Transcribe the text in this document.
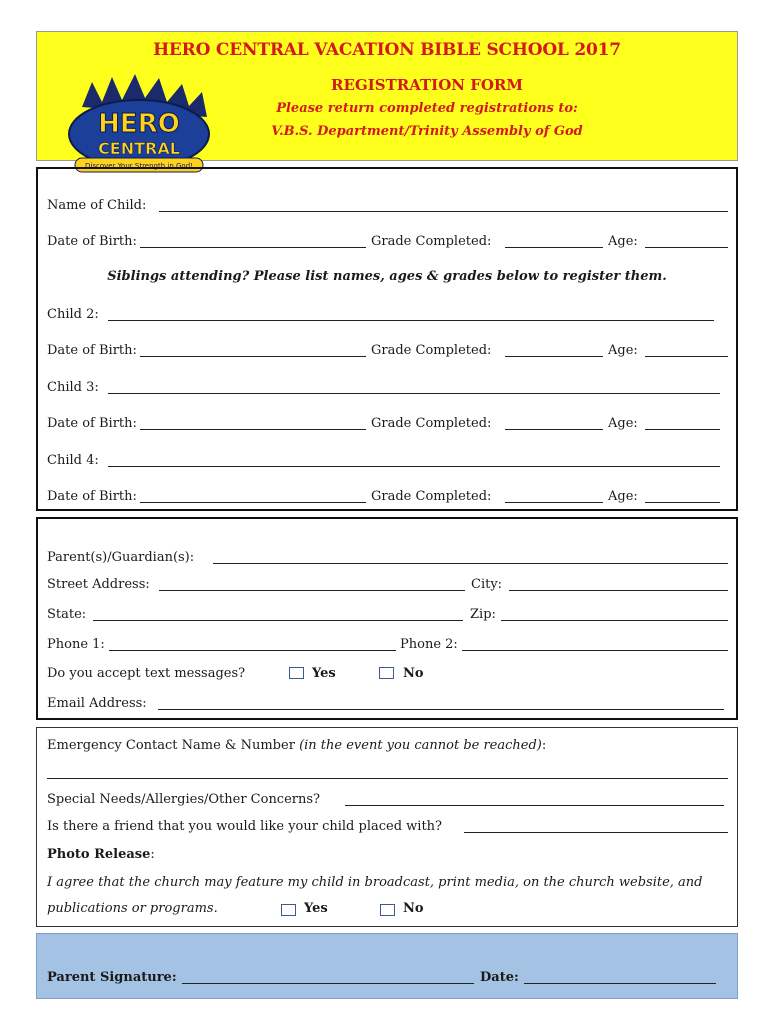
HERO
CENTRAL
Discover Your Strength in God!
HERO CENTRAL VACATION BIBLE SCHOOL 2017
REGISTRATION FORM
Please return completed registrations to:
V.B.S. Department/Trinity Assembly of God
Name of Child:
Date of Birth:	Grade Completed:	Age:
Siblings attending? Please list names, ages & grades below to register them.
Child 2:
Date of Birth:	Grade Completed:	Age:
Child 3:
Date of Birth:	Grade Completed:	Age:
Child 4:
Date of Birth:	Grade Completed:	Age:
Parent(s)/Guardian(s):
Street Address:	City:
State:	Zip:
Phone 1:	Phone 2:
Do you accept text messages?	Yes	No
Email Address:
Emergency Contact Name & Number (in the event you cannot be reached):
Special Needs/Allergies/Other Concerns?
Is there a friend that you would like your child placed with?
Photo Release:
I agree that the church may feature my child in broadcast, print media, on the church website, and
publications or programs.	Yes	No
Parent Signature:	Date:
